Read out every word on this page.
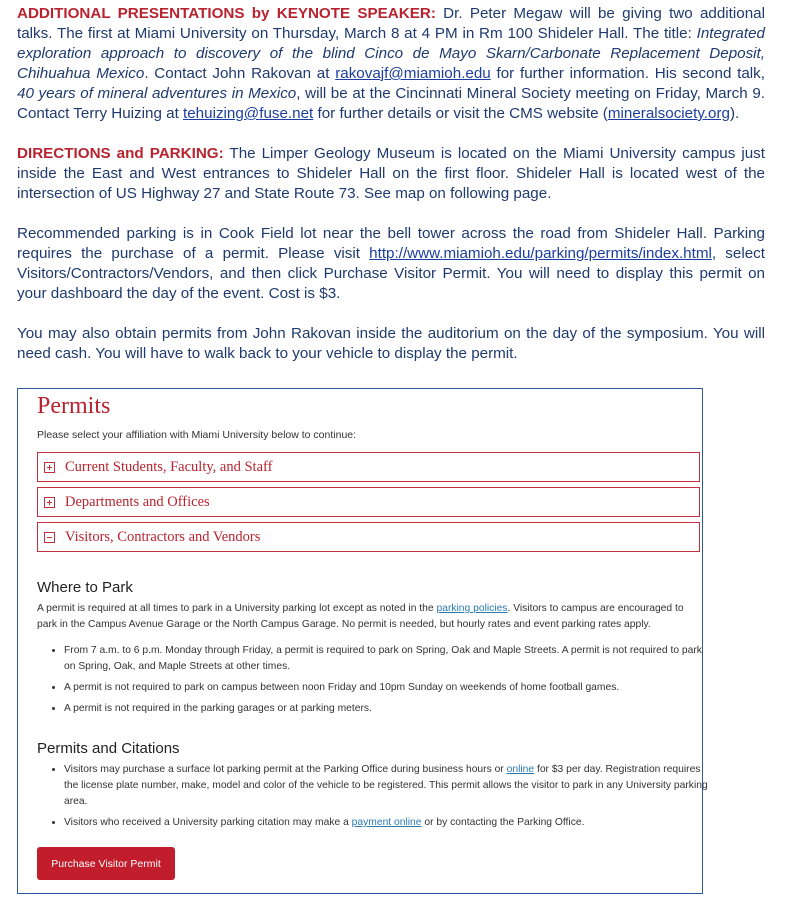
ADDITIONAL PRESENTATIONS by KEYNOTE SPEAKER: Dr. Peter Megaw will be giving two additional talks. The first at Miami University on Thursday, March 8 at 4 PM in Rm 100 Shideler Hall. The title: Integrated exploration approach to discovery of the blind Cinco de Mayo Skarn/Carbonate Replacement Deposit, Chihuahua Mexico. Contact John Rakovan at rakovajf@miamioh.edu for further information. His second talk, 40 years of mineral adventures in Mexico, will be at the Cincinnati Mineral Society meeting on Friday, March 9. Contact Terry Huizing at tehuizing@fuse.net for further details or visit the CMS website (mineralsociety.org).

DIRECTIONS and PARKING: The Limper Geology Museum is located on the Miami University campus just inside the East and West entrances to Shideler Hall on the first floor. Shideler Hall is located west of the intersection of US Highway 27 and State Route 73. See map on following page.

Recommended parking is in Cook Field lot near the bell tower across the road from Shideler Hall. Parking requires the purchase of a permit. Please visit http://www.miamioh.edu/parking/permits/index.html, select Visitors/Contractors/Vendors, and then click Purchase Visitor Permit. You will need to display this permit on your dashboard the day of the event. Cost is $3.

You may also obtain permits from John Rakovan inside the auditorium on the day of the symposium. You will need cash. You will have to walk back to your vehicle to display the permit.

Permits
Please select your affiliation with Miami University below to continue:
Current Students, Faculty, and Staff
Departments and Offices
Visitors, Contractors and Vendors
Where to Park
A permit is required at all times to park in a University parking lot except as noted in the parking policies. Visitors to campus are encouraged to park in the Campus Avenue Garage or the North Campus Garage. No permit is needed, but hourly rates and event parking rates apply.
• From 7 a.m. to 6 p.m. Monday through Friday, a permit is required to park on Spring, Oak and Maple Streets. A permit is not required to park on Spring, Oak, and Maple Streets at other times.
• A permit is not required to park on campus between noon Friday and 10pm Sunday on weekends of home football games.
• A permit is not required in the parking garages or at parking meters.
Permits and Citations
• Visitors may purchase a surface lot parking permit at the Parking Office during business hours or online for $3 per day. Registration requires the license plate number, make, model and color of the vehicle to be registered. This permit allows the visitor to park in any University parking area.
• Visitors who received a University parking citation may make a payment online or by contacting the Parking Office.
Purchase Visitor Permit
